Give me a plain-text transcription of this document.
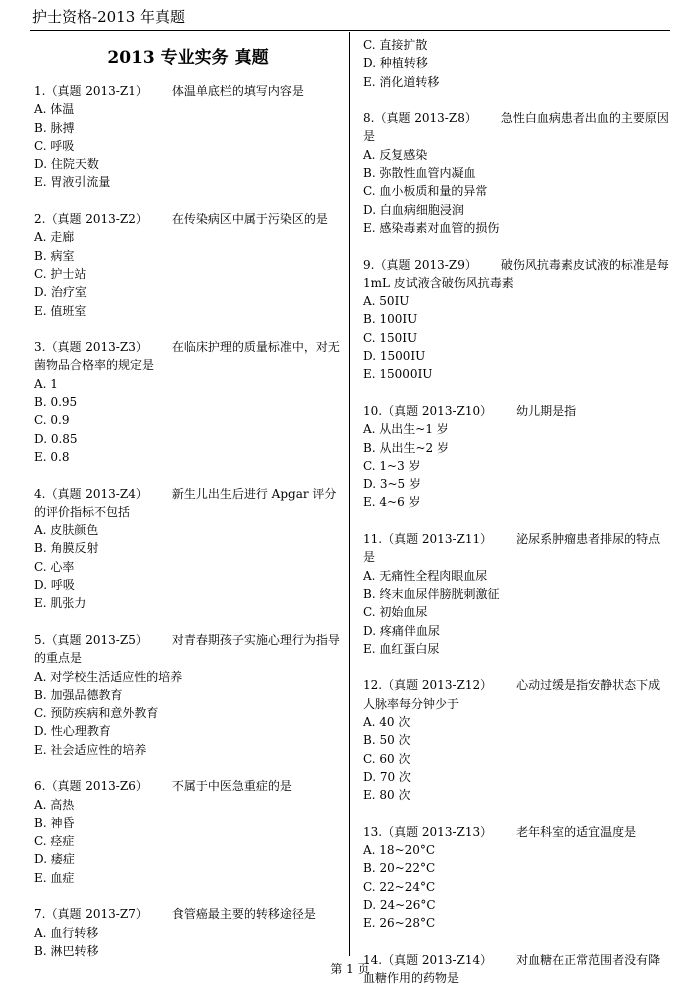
护士资格-2013 年真题
2013 专业实务 真题
1.（真题 2013-Z1） 体温单底栏的填写内容是
A. 体温
B. 脉搏
C. 呼吸
D. 住院天数
E. 胃液引流量
2.（真题 2013-Z2） 在传染病区中属于污染区的是
A. 走廊
B. 病室
C. 护士站
D. 治疗室
E. 值班室
3.（真题 2013-Z3） 在临床护理的质量标准中，对无菌物品合格率的规定是
A. 1
B. 0.95
C. 0.9
D. 0.85
E. 0.8
4.（真题 2013-Z4） 新生儿出生后进行 Apgar 评分的评价指标不包括
A. 皮肤颜色
B. 角膜反射
C. 心率
D. 呼吸
E. 肌张力
5.（真题 2013-Z5） 对青春期孩子实施心理行为指导的重点是
A. 对学校生活适应性的培养
B. 加强品德教育
C. 预防疾病和意外教育
D. 性心理教育
E. 社会适应性的培养
6.（真题 2013-Z6） 不属于中医急重症的是
A. 高热
B. 神昏
C. 痉症
D. 痿症
E. 血症
7.（真题 2013-Z7） 食管癌最主要的转移途径是
A. 血行转移
B. 淋巴转移
C. 直接扩散
D. 种植转移
E. 消化道转移
8.（真题 2013-Z8） 急性白血病患者出血的主要原因是
A. 反复感染
B. 弥散性血管内凝血
C. 血小板质和量的异常
D. 白血病细胞浸润
E. 感染毒素对血管的损伤
9.（真题 2013-Z9） 破伤风抗毒素皮试液的标准是每 1mL 皮试液含破伤风抗毒素
A. 50IU
B. 100IU
C. 150IU
D. 1500IU
E. 15000IU
10.（真题 2013-Z10） 幼儿期是指
A. 从出生~1 岁
B. 从出生~2 岁
C. 1~3 岁
D. 3~5 岁
E. 4~6 岁
11.（真题 2013-Z11） 泌尿系肿瘤患者排尿的特点是
A. 无痛性全程肉眼血尿
B. 终末血尿伴膀胱刺激征
C. 初始血尿
D. 疼痛伴血尿
E. 血红蛋白尿
12.（真题 2013-Z12） 心动过缓是指安静状态下成人脉率每分钟少于
A. 40 次
B. 50 次
C. 60 次
D. 70 次
E. 80 次
13.（真题 2013-Z13） 老年科室的适宜温度是
A. 18~20°C
B. 20~22°C
C. 22~24°C
D. 24~26°C
E. 26~28°C
14.（真题 2013-Z14） 对血糖在正常范围者没有降血糖作用的药物是
第 1 页
